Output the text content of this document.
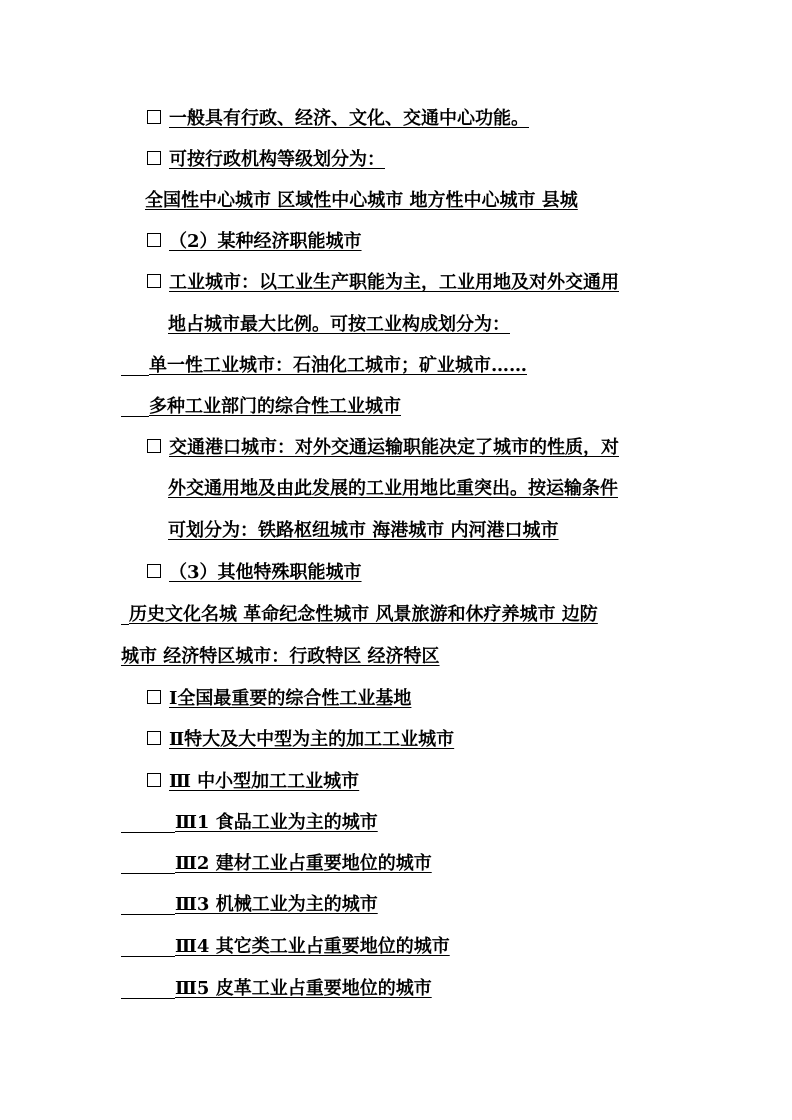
一般具有行政、经济、文化、交通中心功能。
可按行政机构等级划分为：
全国性中心城市 区域性中心城市 地方性中心城市 县城
（2）某种经济职能城市
工业城市：以工业生产职能为主，工业用地及对外交通用
地占城市最大比例。可按工业构成划分为：
单一性工业城市：石油化工城市；矿业城市……
多种工业部门的综合性工业城市
交通港口城市：对外交通运输职能决定了城市的性质，对
外交通用地及由此发展的工业用地比重突出。按运输条件
可划分为：铁路枢纽城市 海港城市 内河港口城市
（3）其他特殊职能城市
历史文化名城 革命纪念性城市 风景旅游和休疗养城市 边防
城市 经济特区城市：行政特区 经济特区
Ⅰ全国最重要的综合性工业基地
Ⅱ特大及大中型为主的加工工业城市
Ⅲ 中小型加工工业城市
Ⅲ1 食品工业为主的城市
Ⅲ2 建材工业占重要地位的城市
Ⅲ3 机械工业为主的城市
Ⅲ4 其它类工业占重要地位的城市
Ⅲ5 皮革工业占重要地位的城市
